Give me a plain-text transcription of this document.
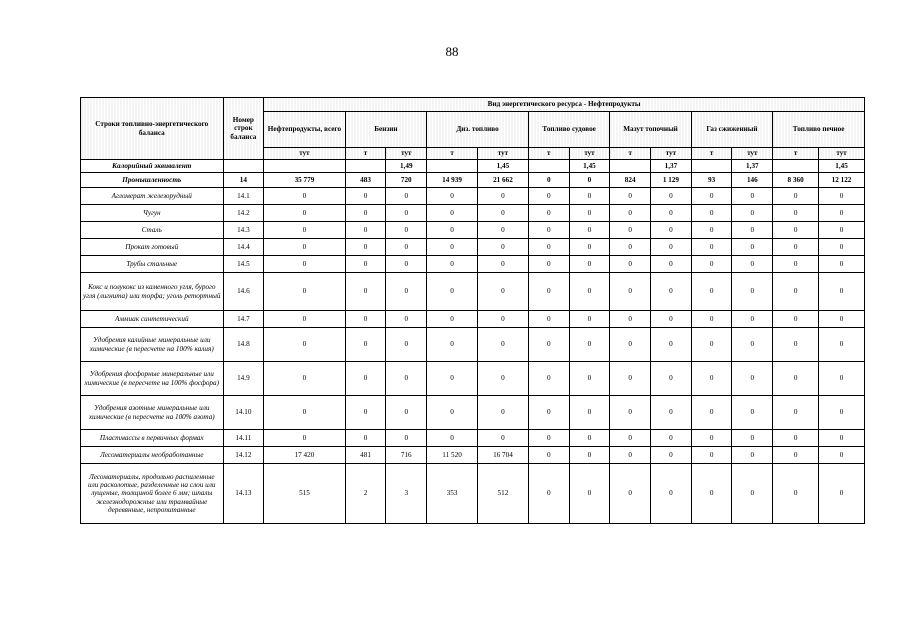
88
Строки топливно-энергетического баланса	Номер строк баланса	Вид энергетического ресурса - Нефтепродукты												
		Нефтепродукты, всего	Бензин		Диз. топливо		Топливо судовое		Мазут топочный		Газ сжиженный		Топливо печное	
		тут	т	тут	т	тут	т	тут	т	тут	т	тут	т	тут
Калорийный эквивалент				1,49		1,45		1,45		1,37		1,37		1,45
Промышленность	14	35 779	483	720	14 939	21 662	0	0	824	1 129	93	146	8 360	12 122
Агломерат железорудный	14.1	0	0	0	0	0	0	0	0	0	0	0	0	0
Чугун	14.2	0	0	0	0	0	0	0	0	0	0	0	0	0
Сталь	14.3	0	0	0	0	0	0	0	0	0	0	0	0	0
Прокат готовый	14.4	0	0	0	0	0	0	0	0	0	0	0	0	0
Трубы стальные	14.5	0	0	0	0	0	0	0	0	0	0	0	0	0
Кокс и полукокс из каменного угля, бурого угля (лигнита) или торфа; уголь ретортный	14.6	0	0	0	0	0	0	0	0	0	0	0	0	0
Аммиак синтетический	14.7	0	0	0	0	0	0	0	0	0	0	0	0	0
Удобрения калийные минеральные или химические (в пересчете на 100% калия)	14.8	0	0	0	0	0	0	0	0	0	0	0	0	0
Удобрения фосфорные минеральные или химические (в пересчете на 100% фосфора)	14.9	0	0	0	0	0	0	0	0	0	0	0	0	0
Удобрения азотные минеральные или химические (в пересчете на 100% азота)	14.10	0	0	0	0	0	0	0	0	0	0	0	0	0
Пластмассы в первичных формах	14.11	0	0	0	0	0	0	0	0	0	0	0	0	0
Лесоматериалы необработанные	14.12	17 420	481	716	11 520	16 704	0	0	0	0	0	0	0	0
Лесоматериалы, продольно распиленные или расколотые, разделенные на слои или лущеные, толщиной более 6 мм; шпалы железнодорожные или трамвайные деревянные, непропитанные	14.13	515	2	3	353	512	0	0	0	0	0	0	0	0
